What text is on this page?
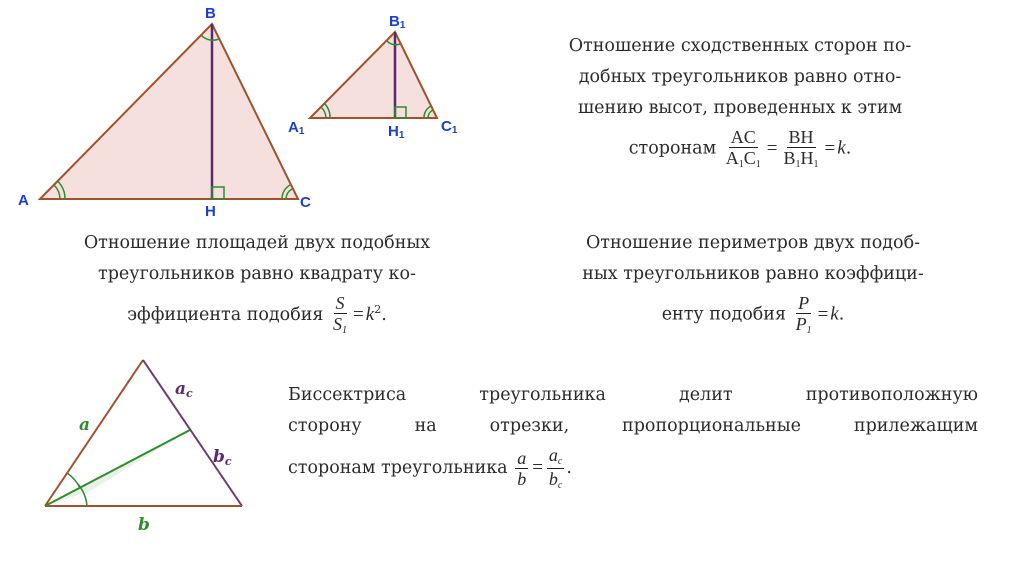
A
B
C
H
A1
B1
C1
H1
a
b
ac
bc
Отношение сходственных сторон по-
добных треугольников равно отно-
шению высот, проведенных к этим
сторонам $\frac{AC}{A_1C_1} = \frac{BH}{B_1H_1} = k$.
Отношение площадей двух подобных
треугольников равно квадрату ко-
эффициента подобия $\frac{S}{S_1} = k^2$.
Отношение периметров двух подоб-
ных треугольников равно коэффици-
енту подобия $\frac{P}{P_1} = k$.
Биссектриса треугольника делит противоположную
сторону на отрезки, пропорциональные прилежащим
сторонам треугольника $\frac{a}{b} = \frac{a_c}{b_c}$ .
